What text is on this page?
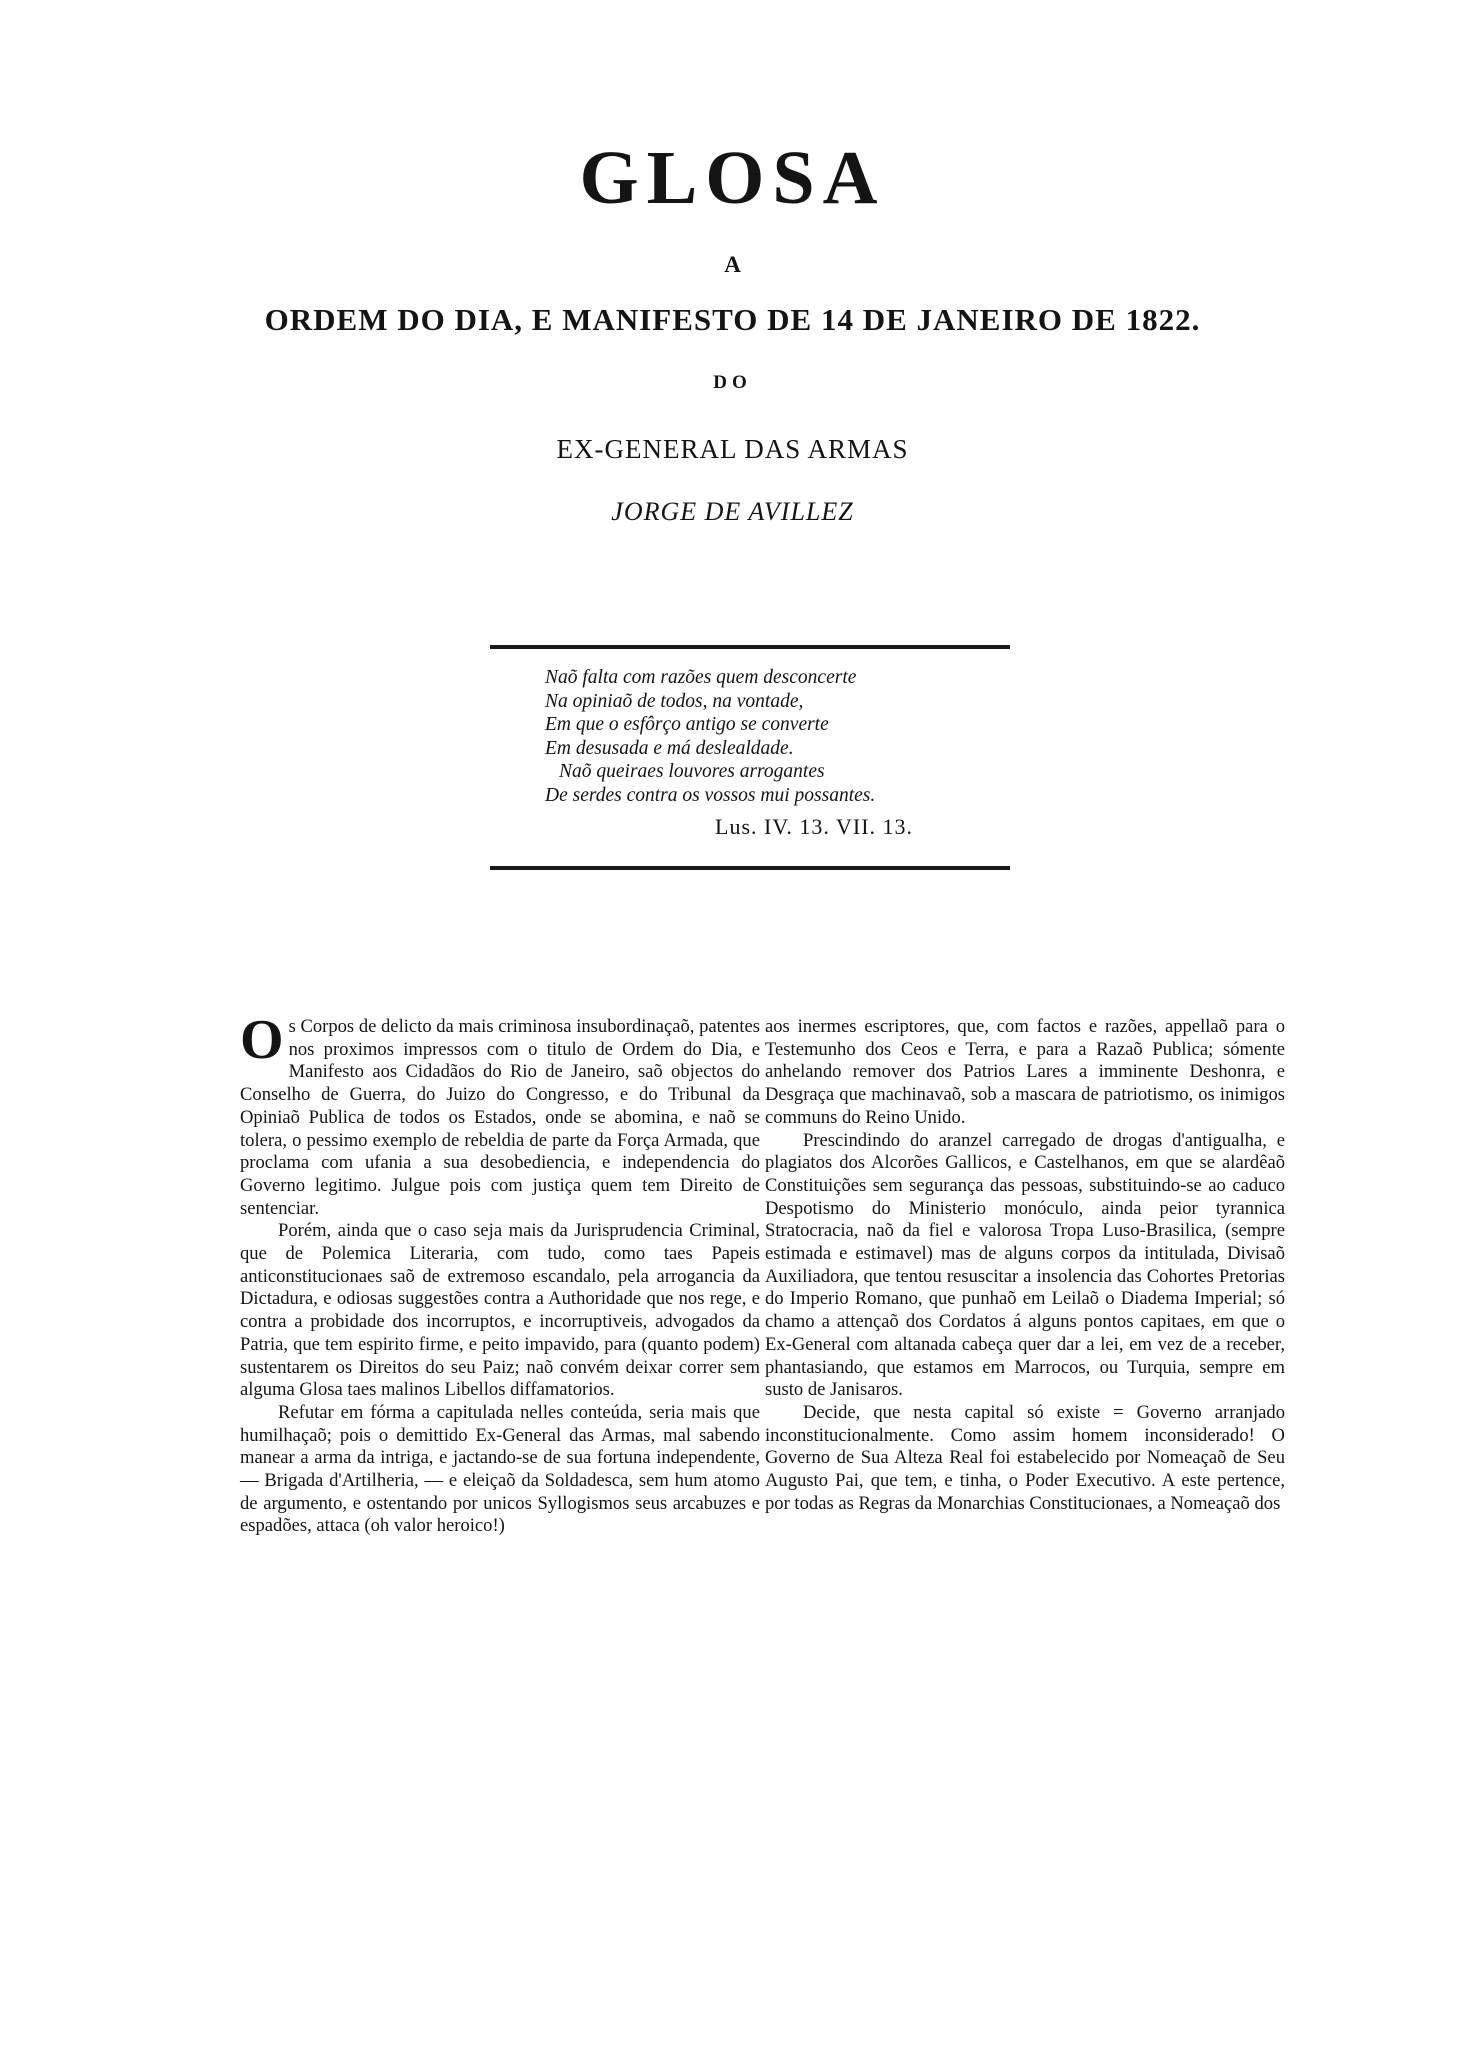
GLOSA
A
ORDEM DO DIA, E MANIFESTO DE 14 DE JANEIRO DE 1822.
DO
EX-GENERAL DAS ARMAS
JORGE DE AVILLEZ
Naõ falta com razões quem desconcerte
Na opiniaõ de todos, na vontade,
Em que o esfôrço antigo se converte
Em desusada e má deslealdade.
Naõ queiraes louvores arrogantes
De serdes contra os vossos mui possantes.
Lus. IV. 13. VII. 13.

Os Corpos de delicto da mais criminosa insubordinaçaõ, patentes nos proximos impressos com o titulo de Ordem do Dia, e Manifesto aos Cidadãos do Rio de Janeiro, saõ objectos do Conselho de Guerra, do Juizo do Congresso, e do Tribunal da Opiniaõ Publica de todos os Estados, onde se abomina, e naõ se tolera, o pessimo exemplo de rebeldia de parte da Força Armada, que proclama com ufania a sua desobediencia, e independencia do Governo legitimo. Julgue pois com justiça quem tem Direito de sentenciar.

Porém, ainda que o caso seja mais da Jurisprudencia Criminal, que de Polemica Literaria, com tudo, como taes Papeis anticonstitucionaes saõ de extremoso escandalo, pela arrogancia da Dictadura, e odiosas suggestões contra a Authoridade que nos rege, e contra a probidade dos incorruptos, e incorruptiveis, advogados da Patria, que tem espirito firme, e peito impavido, para (quanto podem) sustentarem os Direitos do seu Paiz; naõ convém deixar correr sem alguma Glosa taes malinos Libellos diffamatorios.

Refutar em fórma a capitulada nelles conteúda, seria mais que humilhaçaõ; pois o demittido Ex-General das Armas, mal sabendo manear a arma da intriga, e jactando-se de sua fortuna independente, — Brigada d'Artilheria, — e eleiçaõ da Soldadesca, sem hum atomo de argumento, e ostentando por unicos Syllogismos seus arcabuzes e espadões, attaca (oh valor heroico!)

aos inermes escriptores, que, com factos e razões, appellaõ para o Testemunho dos Ceos e Terra, e para a Razaõ Publica; sómente anhelando remover dos Patrios Lares a imminente Deshonra, e Desgraça que machinavaõ, sob a mascara de patriotismo, os inimigos communs do Reino Unido.

Prescindindo do aranzel carregado de drogas d'antigualha, e plagiatos dos Alcorões Gallicos, e Castelhanos, em que se alardêaõ Constituições sem segurança das pessoas, substituindo-se ao caduco Despotismo do Ministerio monóculo, ainda peior tyrannica Stratocracia, naõ da fiel e valorosa Tropa Luso-Brasilica, (sempre estimada e estimavel) mas de alguns corpos da intitulada, Divisaõ Auxiliadora, que tentou resuscitar a insolencia das Cohortes Pretorias do Imperio Romano, que punhaõ em Leilaõ o Diadema Imperial; só chamo a attençaõ dos Cordatos á alguns pontos capitaes, em que o Ex-General com altanada cabeça quer dar a lei, em vez de a receber, phantasiando, que estamos em Marrocos, ou Turquia, sempre em susto de Janisaros.

Decide, que nesta capital só existe = Governo arranjado inconstitucionalmente. Como assim homem inconsiderado! O Governo de Sua Alteza Real foi estabelecido por Nomeaçaõ de Seu Augusto Pai, que tem, e tinha, o Poder Executivo. A este pertence, por todas as Regras da Monarchias Constitucionaes, a Nomeaçaõ dos
